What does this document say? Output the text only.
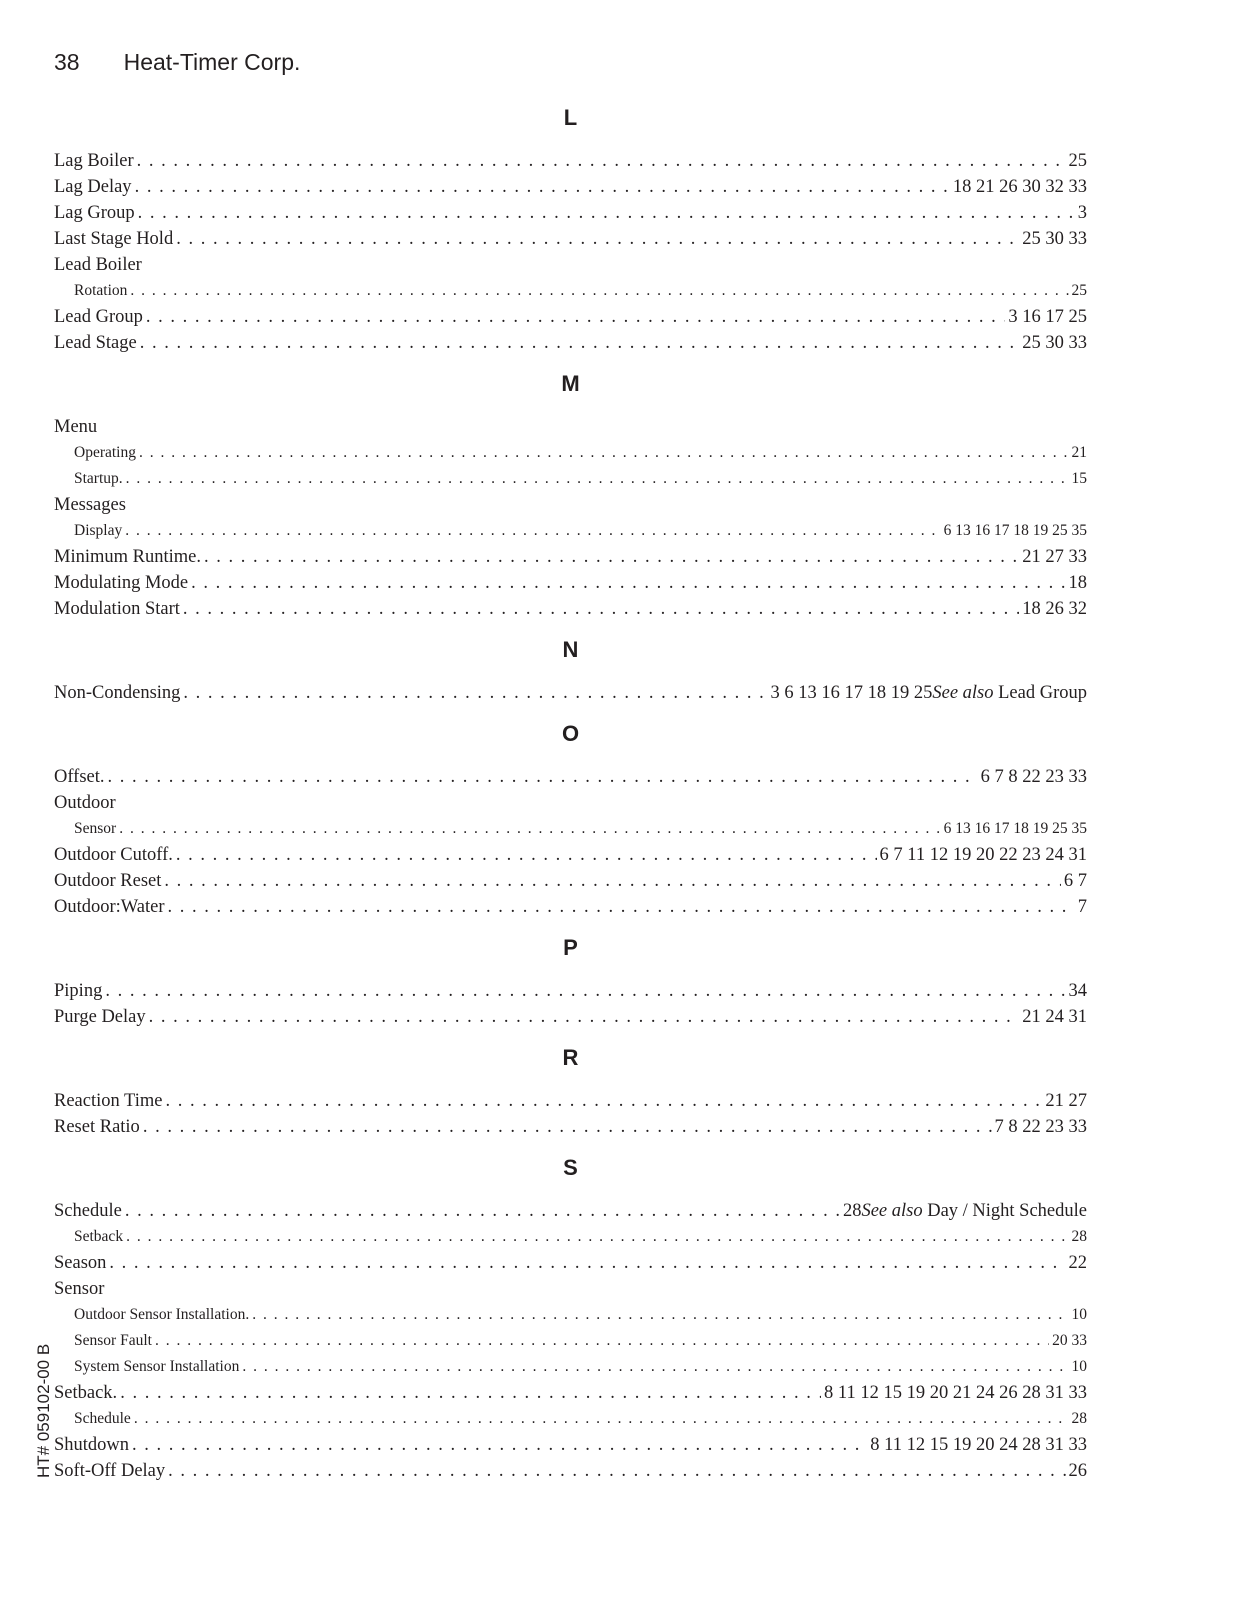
38 Heat-Timer Corp.
L
Lag Boiler . . .	25
Lag Delay . . .	18 21 26 30 32 33
Lag Group . . .	3
Last Stage Hold . . .	25 30 33
Lead Boiler
Rotation . . .	25
Lead Group . . .	3 16 17 25
Lead Stage . . .	25 30 33
M
Menu
Operating . . .	21
Startup. . . .	15
Messages
Display . . .	6 13 16 17 18 19 25 35
Minimum Runtime. . . .	21 27 33
Modulating Mode . . .	18
Modulation Start . . .	18 26 32
N
Non-Condensing . . .	3 6 13 16 17 18 19 25See also Lead Group
O
Offset. . . .	6 7 8 22 23 33
Outdoor
Sensor . . .	6 13 16 17 18 19 25 35
Outdoor Cutoff. . . .	6 7 11 12 19 20 22 23 24 31
Outdoor Reset . . .	6 7
Outdoor:Water . . .	7
P
Piping . . .	34
Purge Delay . . .	21 24 31
R
Reaction Time . . .	21 27
Reset Ratio . . .	7 8 22 23 33
S
Schedule . . .	28See also Day / Night Schedule
Setback . . .	28
Season . . .	22
Sensor
Outdoor Sensor Installation. . . .	10
Sensor Fault . . .	20 33
System Sensor Installation . . .	10
Setback. . . .	8 11 12 15 19 20 21 24 26 28 31 33
Schedule . . .	28
Shutdown . . .	8 11 12 15 19 20 24 28 31 33
Soft-Off Delay . . .	26
HT# 059102-00 B
